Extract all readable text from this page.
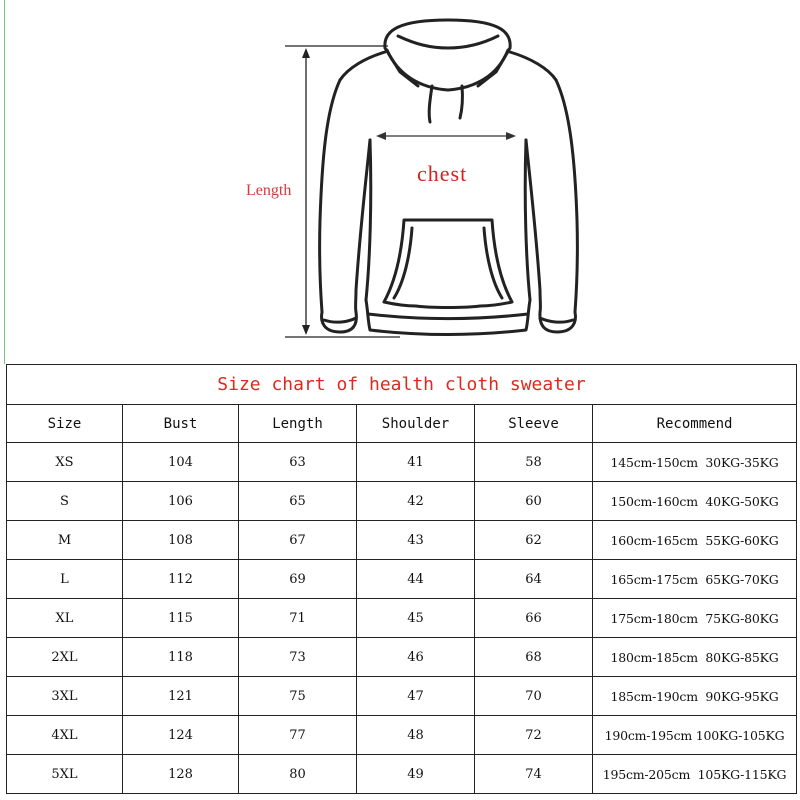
Length
chest
Size chart of health cloth sweater					
Size	Bust	Length	Shoulder	Sleeve	Recommend
XS	104	63	41	58	145cm-150cm  30KG-35KG
S	106	65	42	60	150cm-160cm  40KG-50KG
M	108	67	43	62	160cm-165cm  55KG-60KG
L	112	69	44	64	165cm-175cm  65KG-70KG
XL	115	71	45	66	175cm-180cm  75KG-80KG
2XL	118	73	46	68	180cm-185cm  80KG-85KG
3XL	121	75	47	70	185cm-190cm  90KG-95KG
4XL	124	77	48	72	190cm-195cm 100KG-105KG
5XL	128	80	49	74	195cm-205cm  105KG-115KG
